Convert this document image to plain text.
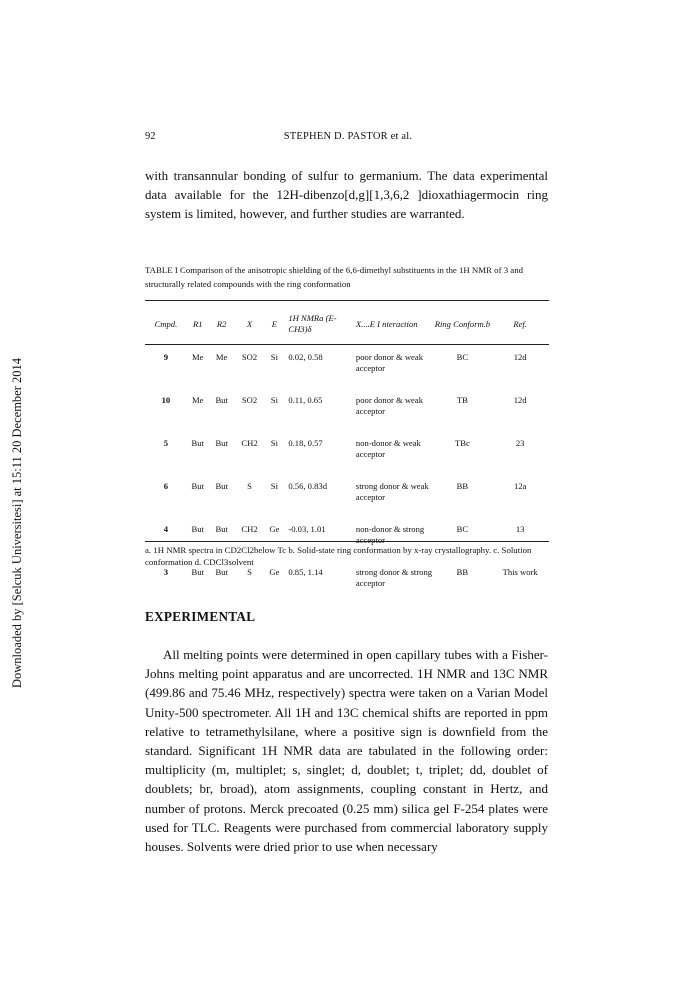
Downloaded by [Selcuk Universitesi] at 15:11 20 December 2014
92	STEPHEN D. PASTOR et al.
with transannular bonding of sulfur to germanium. The data experimental data available for the 12H-dibenzo[d,g][1,3,6,2 ]dioxathiagermocin ring system is limited, however, and further studies are warranted.
TABLE I Comparison of the anisotropic shielding of the 6,6-dimethyl substituents in the 1H NMR of 3 and structurally related compounds with the ring conformation
Cmpd.	R1	R2	X	E	1H NMRa (E-CH3)δ	X....E I nteraction	Ring Conform.b	Ref.
9	Me	Me	SO2	Si	0.02, 0.58	poor donor & weak acceptor	BC	12d
10	Me	But	SO2	Si	0.11, 0.65	poor donor & weak acceptor	TB	12d
5	But	But	CH2	Si	0.18, 0.57	non-donor & weak acceptor	TBc	23
6	But	But	S	Si	0.56, 0.83d	strong donor & weak acceptor	BB	12a
4	But	But	CH2	Ge	-0.03, 1.01	non-donor & strong acceptor	BC	13
3	But	But	S	Ge	0.85, 1.14	strong donor & strong acceptor	BB	This work
a. 1H NMR spectra in CD2Cl2below Tc b. Solid-state ring conformation by x-ray crystallography. c. Solution conformation d. CDCl3solvent
EXPERIMENTAL
All melting points were determined in open capillary tubes with a Fisher-Johns melting point apparatus and are uncorrected. 1H NMR and 13C NMR (499.86 and 75.46 MHz, respectively) spectra were taken on a Varian Model Unity-500 spectrometer. All 1H and 13C chemical shifts are reported in ppm relative to tetramethylsilane, where a positive sign is downfield from the standard. Significant 1H NMR data are tabulated in the following order: multiplicity (m, multiplet; s, singlet; d, doublet; t, triplet; dd, doublet of doublets; br, broad), atom assignments, coupling constant in Hertz, and number of protons. Merck precoated (0.25 mm) silica gel F-254 plates were used for TLC. Reagents were purchased from commercial laboratory supply houses. Solvents were dried prior to use when necessary
